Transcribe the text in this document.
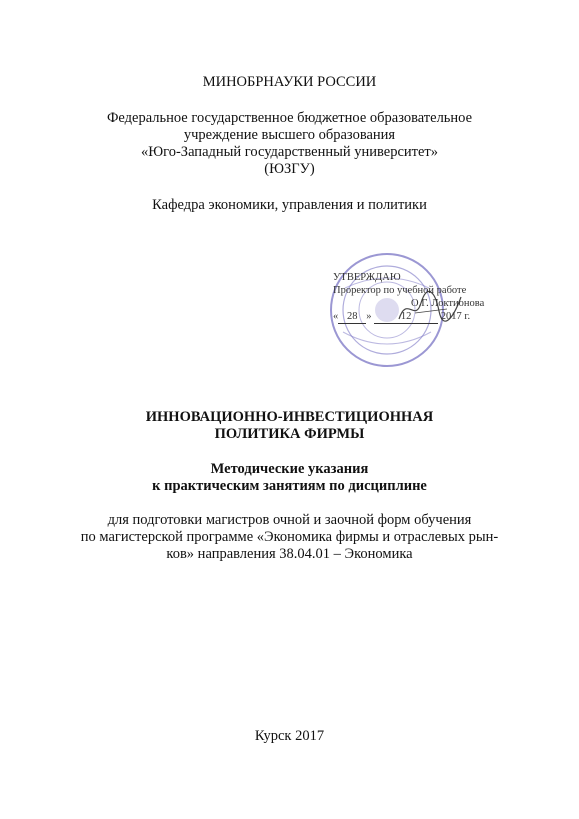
МИНОБРНАУКИ РОССИИ
Федеральное государственное бюджетное образовательное
учреждение высшего образования
«Юго-Западный государственный университет»
(ЮЗГУ)
Кафедра экономики, управления и политики
УТВЕРЖДАЮ
Проректор по учебной работе
О.Г. Локтионова
« 28 »	12	2017 г.
ИННОВАЦИОННО-ИНВЕСТИЦИОННАЯ
ПОЛИТИКА ФИРМЫ
Методические указания
к практическим занятиям по дисциплине
для подготовки магистров очной и заочной форм обучения
по магистерской программе «Экономика фирмы и отраслевых рын-
ков» направления 38.04.01 – Экономика
Курск 2017
